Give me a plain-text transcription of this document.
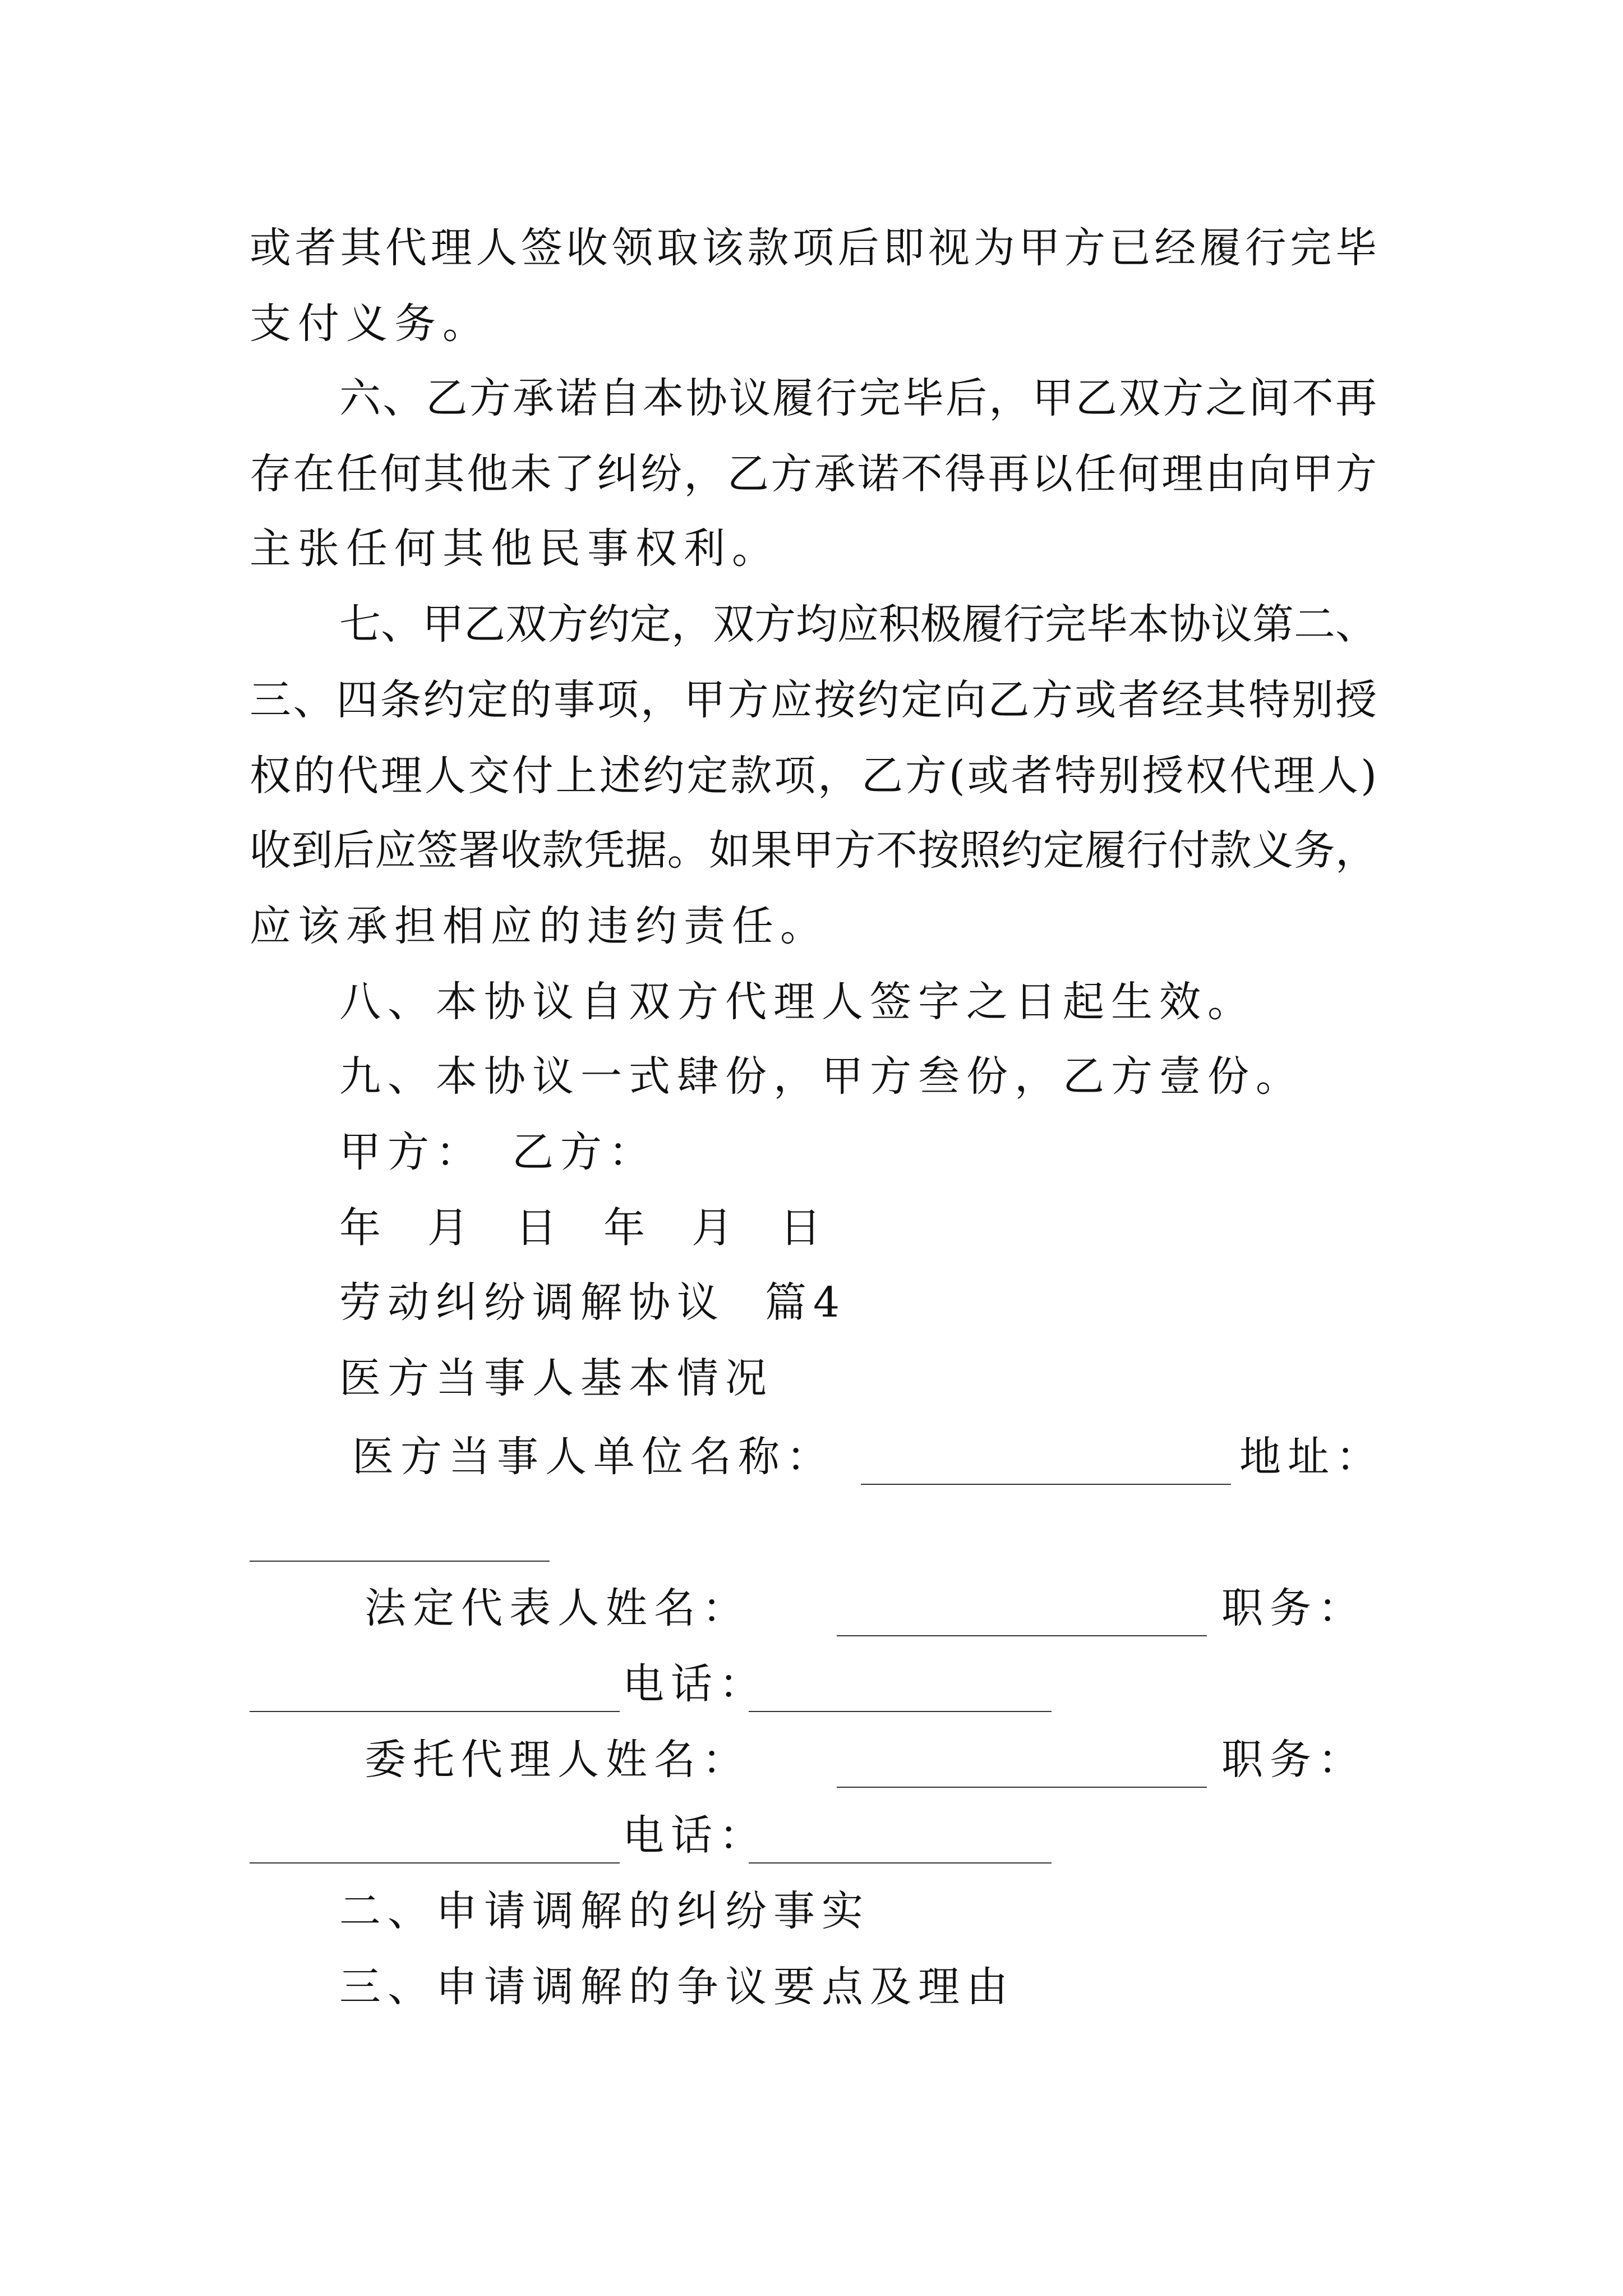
或者其代理人签收领取该款项后即视为甲方已经履行完毕
支付义务。
六、乙方承诺自本协议履行完毕后，甲乙双方之间不再
存在任何其他未了纠纷，乙方承诺不得再以任何理由向甲方
主张任何其他民事权利。
七、甲乙双方约定，双方均应积极履行完毕本协议第二、
三、四条约定的事项，甲方应按约定向乙方或者经其特别授
权的代理人交付上述约定款项，乙方(或者特别授权代理人)
收到后应签署收款凭据。如果甲方不按照约定履行付款义务，
应该承担相应的违约责任。
八、本协议自双方代理人签字之日起生效。
九、本协议一式肆份，甲方叁份，乙方壹份。
甲方： 乙方：
年  月  日  年  月  日
劳动纠纷调解协议  篇4
医方当事人基本情况
医方当事人单位名称：	地址：
法定代表人姓名：	职务：
电话：
委托代理人姓名：	职务：
电话：
二、申请调解的纠纷事实
三、申请调解的争议要点及理由
